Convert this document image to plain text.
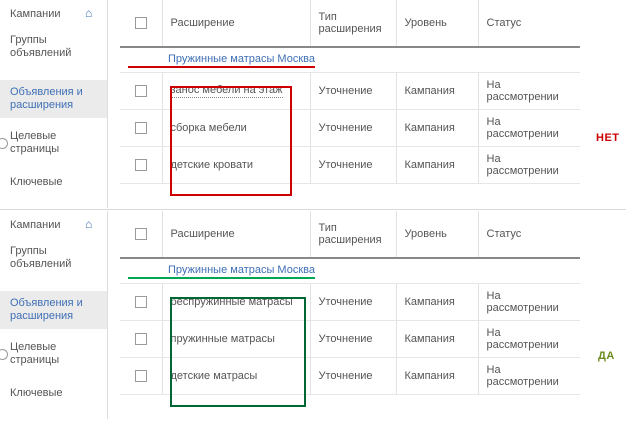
Кампании ⌂
Группы объявлений
Объявления и расширения
Целевые страницы
Ключевые
	Расширение	Тип расширения	Уровень	Статус
Пружинные матрасы Москва				

	занос мебели на этаж	Уточнение	Кампания	На рассмотрении

	сборка мебели	Уточнение	Кампания	На рассмотрении

	детские кровати	Уточнение	Кампания	На рассмотрении
НЕТ
Кампании ⌂
Группы объявлений
Объявления и расширения
Целевые страницы
Ключевые
	Расширение	Тип расширения	Уровень	Статус
Пружинные матрасы Москва				

	беспружинные матрасы	Уточнение	Кампания	На рассмотрении

	пружинные матрасы	Уточнение	Кампания	На рассмотрении

	детские матрасы	Уточнение	Кампания	На рассмотрении
ДА
